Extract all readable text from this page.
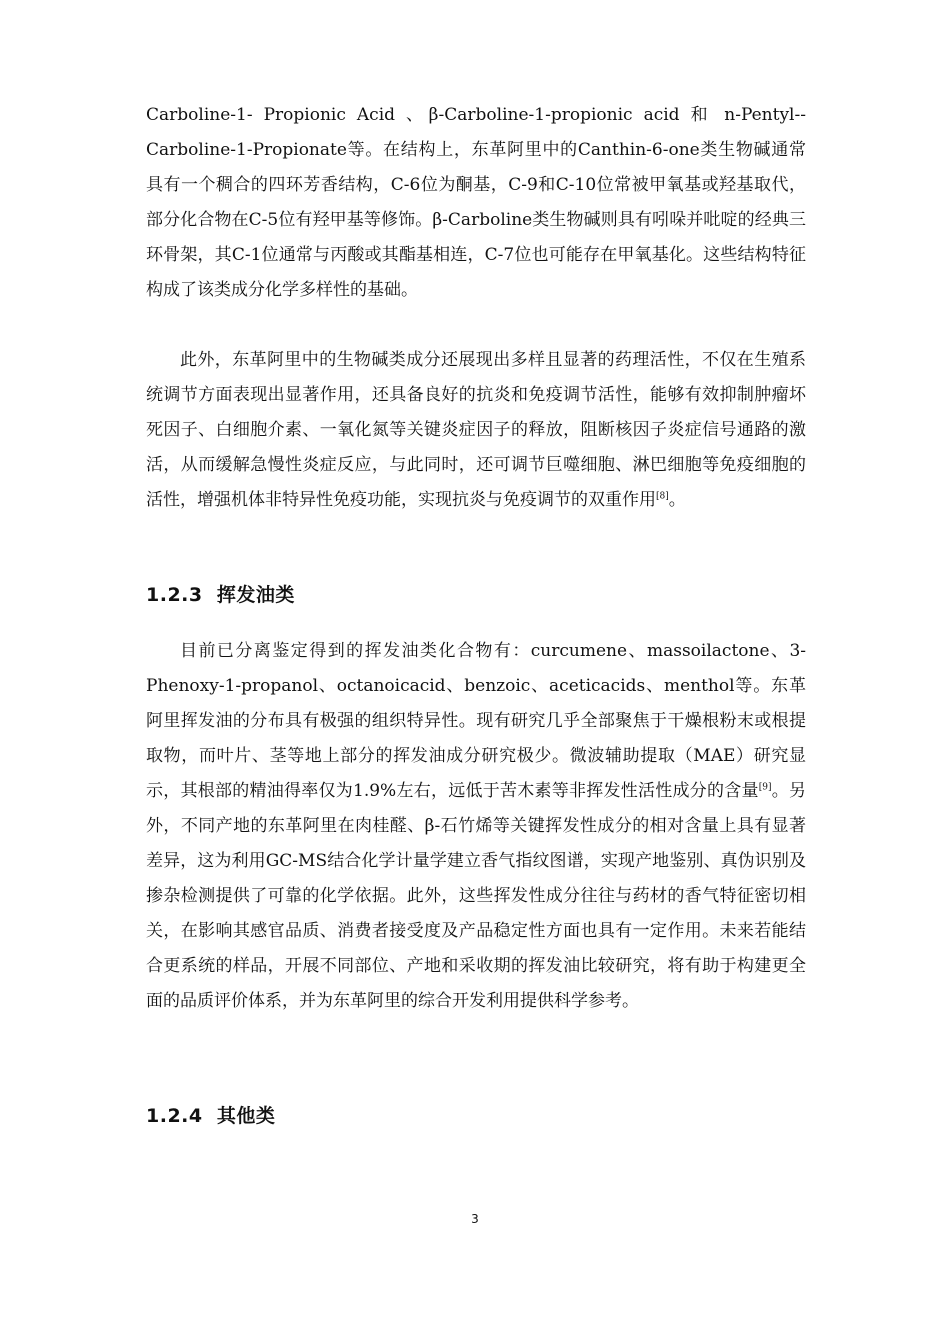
Carboline-1- Propionic Acid 、β-Carboline-1-propionic acid 和 n-Pentyl--Carboline-1-Propionate等。在结构上，东革阿里中的Canthin-6-one类生物碱通常具有一个稠合的四环芳香结构，C-6位为酮基，C-9和C-10位常被甲氧基或羟基取代，部分化合物在C-5位有羟甲基等修饰。β-Carboline类生物碱则具有吲哚并吡啶的经典三环骨架，其C-1位通常与丙酸或其酯基相连，C-7位也可能存在甲氧基化。这些结构特征构成了该类成分化学多样性的基础。

此外，东革阿里中的生物碱类成分还展现出多样且显著的药理活性，不仅在生殖系统调节方面表现出显著作用，还具备良好的抗炎和免疫调节活性，能够有效抑制肿瘤坏死因子、白细胞介素、一氧化氮等关键炎症因子的释放，阻断核因子炎症信号通路的激活，从而缓解急慢性炎症反应，与此同时，还可调节巨噬细胞、淋巴细胞等免疫细胞的活性，增强机体非特异性免疫功能，实现抗炎与免疫调节的双重作用[8]。

1.2.3 挥发油类

目前已分离鉴定得到的挥发油类化合物有：curcumene、massoilactone、3-Phenoxy-1-propanol、octanoicacid、benzoic、aceticacids、menthol等。东革阿里挥发油的分布具有极强的组织特异性。现有研究几乎全部聚焦于干燥根粉末或根提取物，而叶片、茎等地上部分的挥发油成分研究极少。微波辅助提取（MAE）研究显示，其根部的精油得率仅为1.9%左右，远低于苦木素等非挥发性活性成分的含量[9]。另外，不同产地的东革阿里在肉桂醛、β-石竹烯等关键挥发性成分的相对含量上具有显著差异，这为利用GC-MS结合化学计量学建立香气指纹图谱，实现产地鉴别、真伪识别及掺杂检测提供了可靠的化学依据。此外，这些挥发性成分往往与药材的香气特征密切相关，在影响其感官品质、消费者接受度及产品稳定性方面也具有一定作用。未来若能结合更系统的样品，开展不同部位、产地和采收期的挥发油比较研究，将有助于构建更全面的品质评价体系，并为东革阿里的综合开发利用提供科学参考。

1.2.4 其他类
3
